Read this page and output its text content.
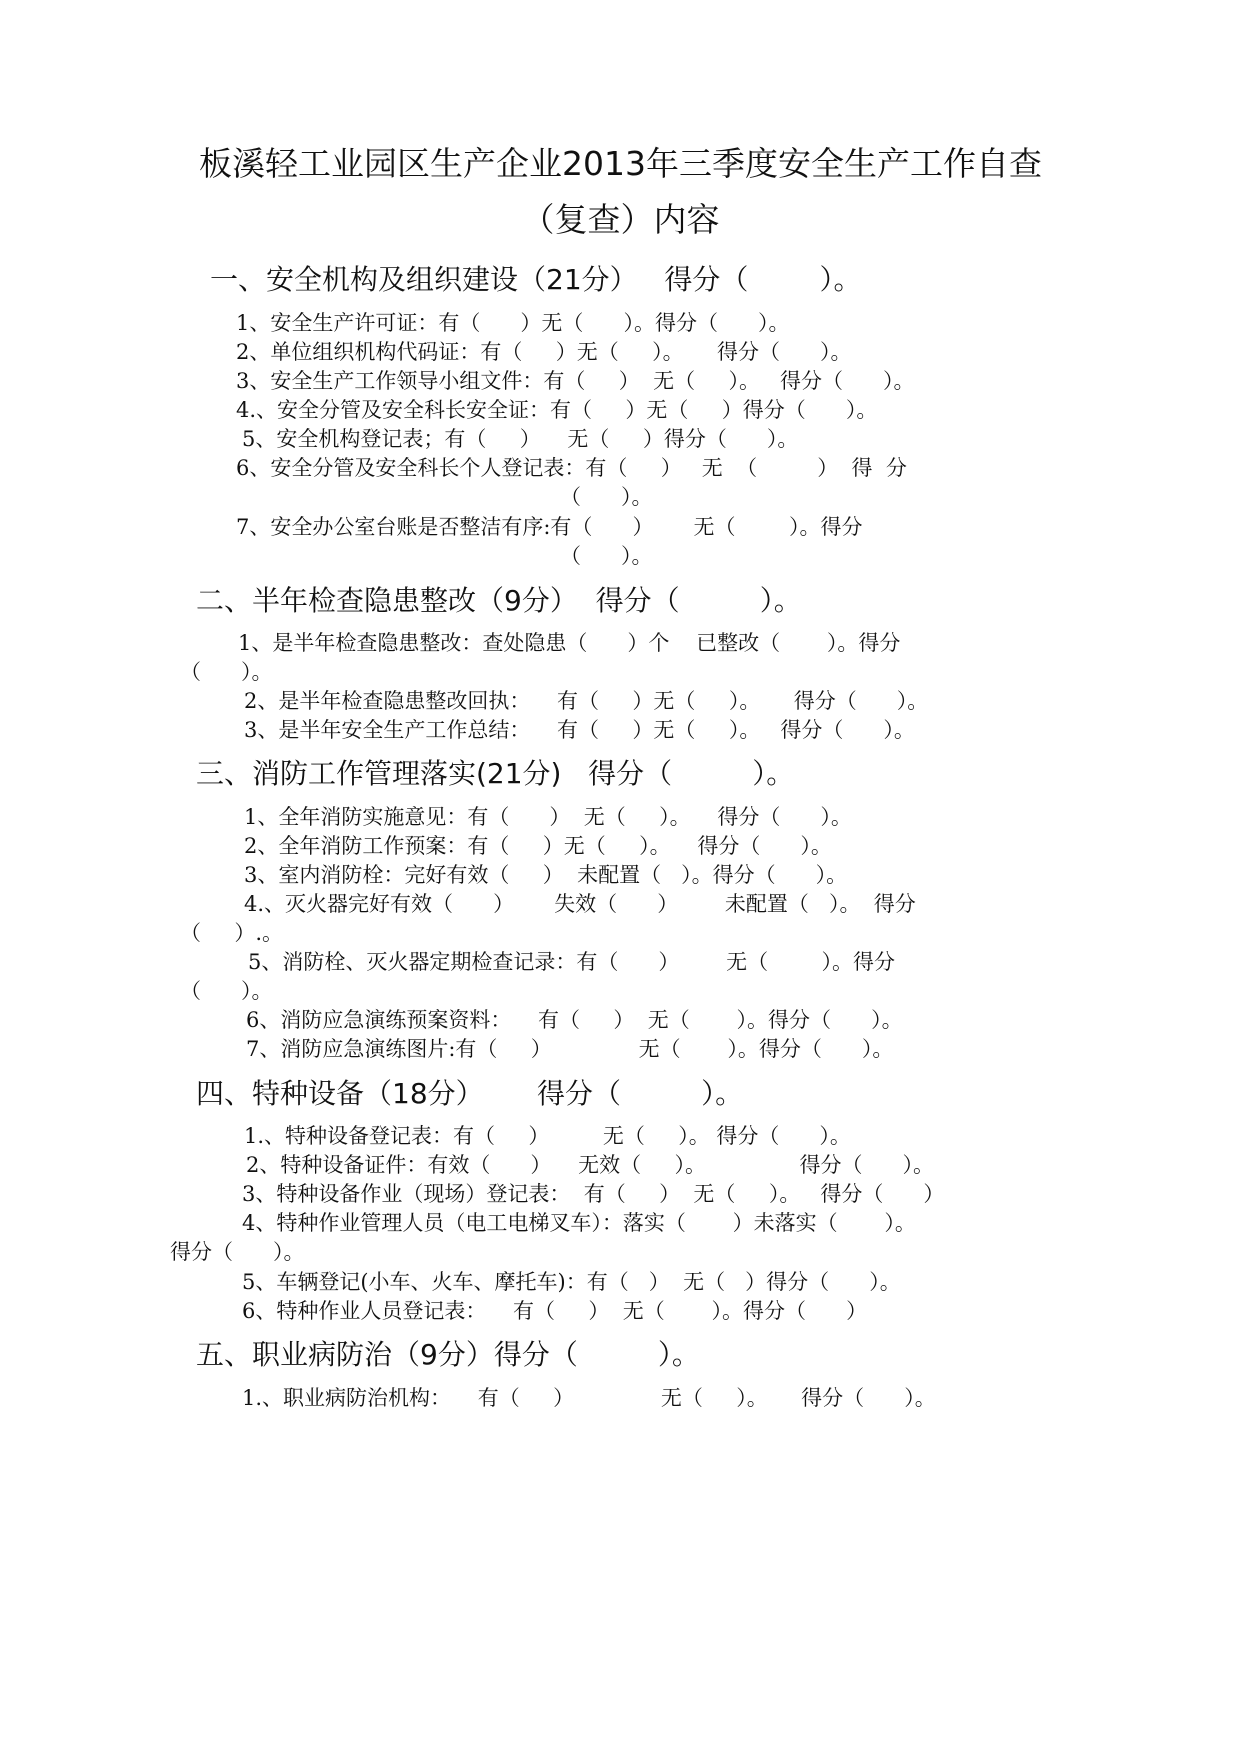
板溪轻工业园区生产企业2013年三季度安全生产工作自查
（复查）内容
一、安全机构及组织建设（21分）   得分（        ）。
1、安全生产许可证：有（      ）无（      ）。得分（      ）。
2、单位组织机构代码证：有（     ）无（     ）。     得分（      ）。
3、安全生产工作领导小组文件：有（     ）  无（     ）。   得分（      ）。
4.、安全分管及安全科长安全证：有（     ）无（     ）得分（      ）。
5、安全机构登记表；有（     ）    无（     ）得分（      ）。
6、安全分管及安全科长个人登记表：有（     ）   无  （         ）  得  分
（      ）。
7、安全办公室台账是否整洁有序:有（      ）      无（        ）。得分
（      ）。
二、半年检查隐患整改（9分）  得分（         ）。
1、是半年检查隐患整改：查处隐患（      ）个    已整改（       ）。得分
（      ）。
2、是半年检查隐患整改回执：    有（     ）无（     ）。     得分（      ）。
3、是半年安全生产工作总结：    有（     ）无（     ）。   得分（      ）。
三、消防工作管理落实(21分)   得分（         ）。
1、全年消防实施意见：有（      ）  无（     ）。    得分（      ）。
2、全年消防工作预案：有（     ）无（     ）。    得分（      ）。
3、室内消防栓：完好有效（     ）  未配置（   ）。得分（      ）。
4.、灭火器完好有效（      ）      失效（      ）       未配置（   ）。  得分
（     ）.。
5、消防栓、灭火器定期检查记录：有（      ）       无（        ）。得分
（      ）。
6、消防应急演练预案资料：    有（     ）  无（       ）。得分（      ）。
7、消防应急演练图片:有（     ）             无（       ）。得分（      ）。
四、特种设备（18分）      得分（         ）。
1.、特种设备登记表：有（     ）        无（     ）。 得分（      ）。
2、特种设备证件：有效（      ）    无效（     ）。              得分（      ）。
3、特种设备作业（现场）登记表：  有（     ）  无（     ）。   得分（      ）
4、特种作业管理人员（电工电梯叉车）：落实（       ）未落实（       ）。
得分（      ）。
5、车辆登记(小车、火车、摩托车)：有（   ）  无（   ）得分（      ）。
6、特种作业人员登记表：    有（     ）  无（       ）。得分（      ）
五、职业病防治（9分）得分（         ）。
1.、职业病防治机构：    有（     ）             无（     ）。     得分（      ）。
